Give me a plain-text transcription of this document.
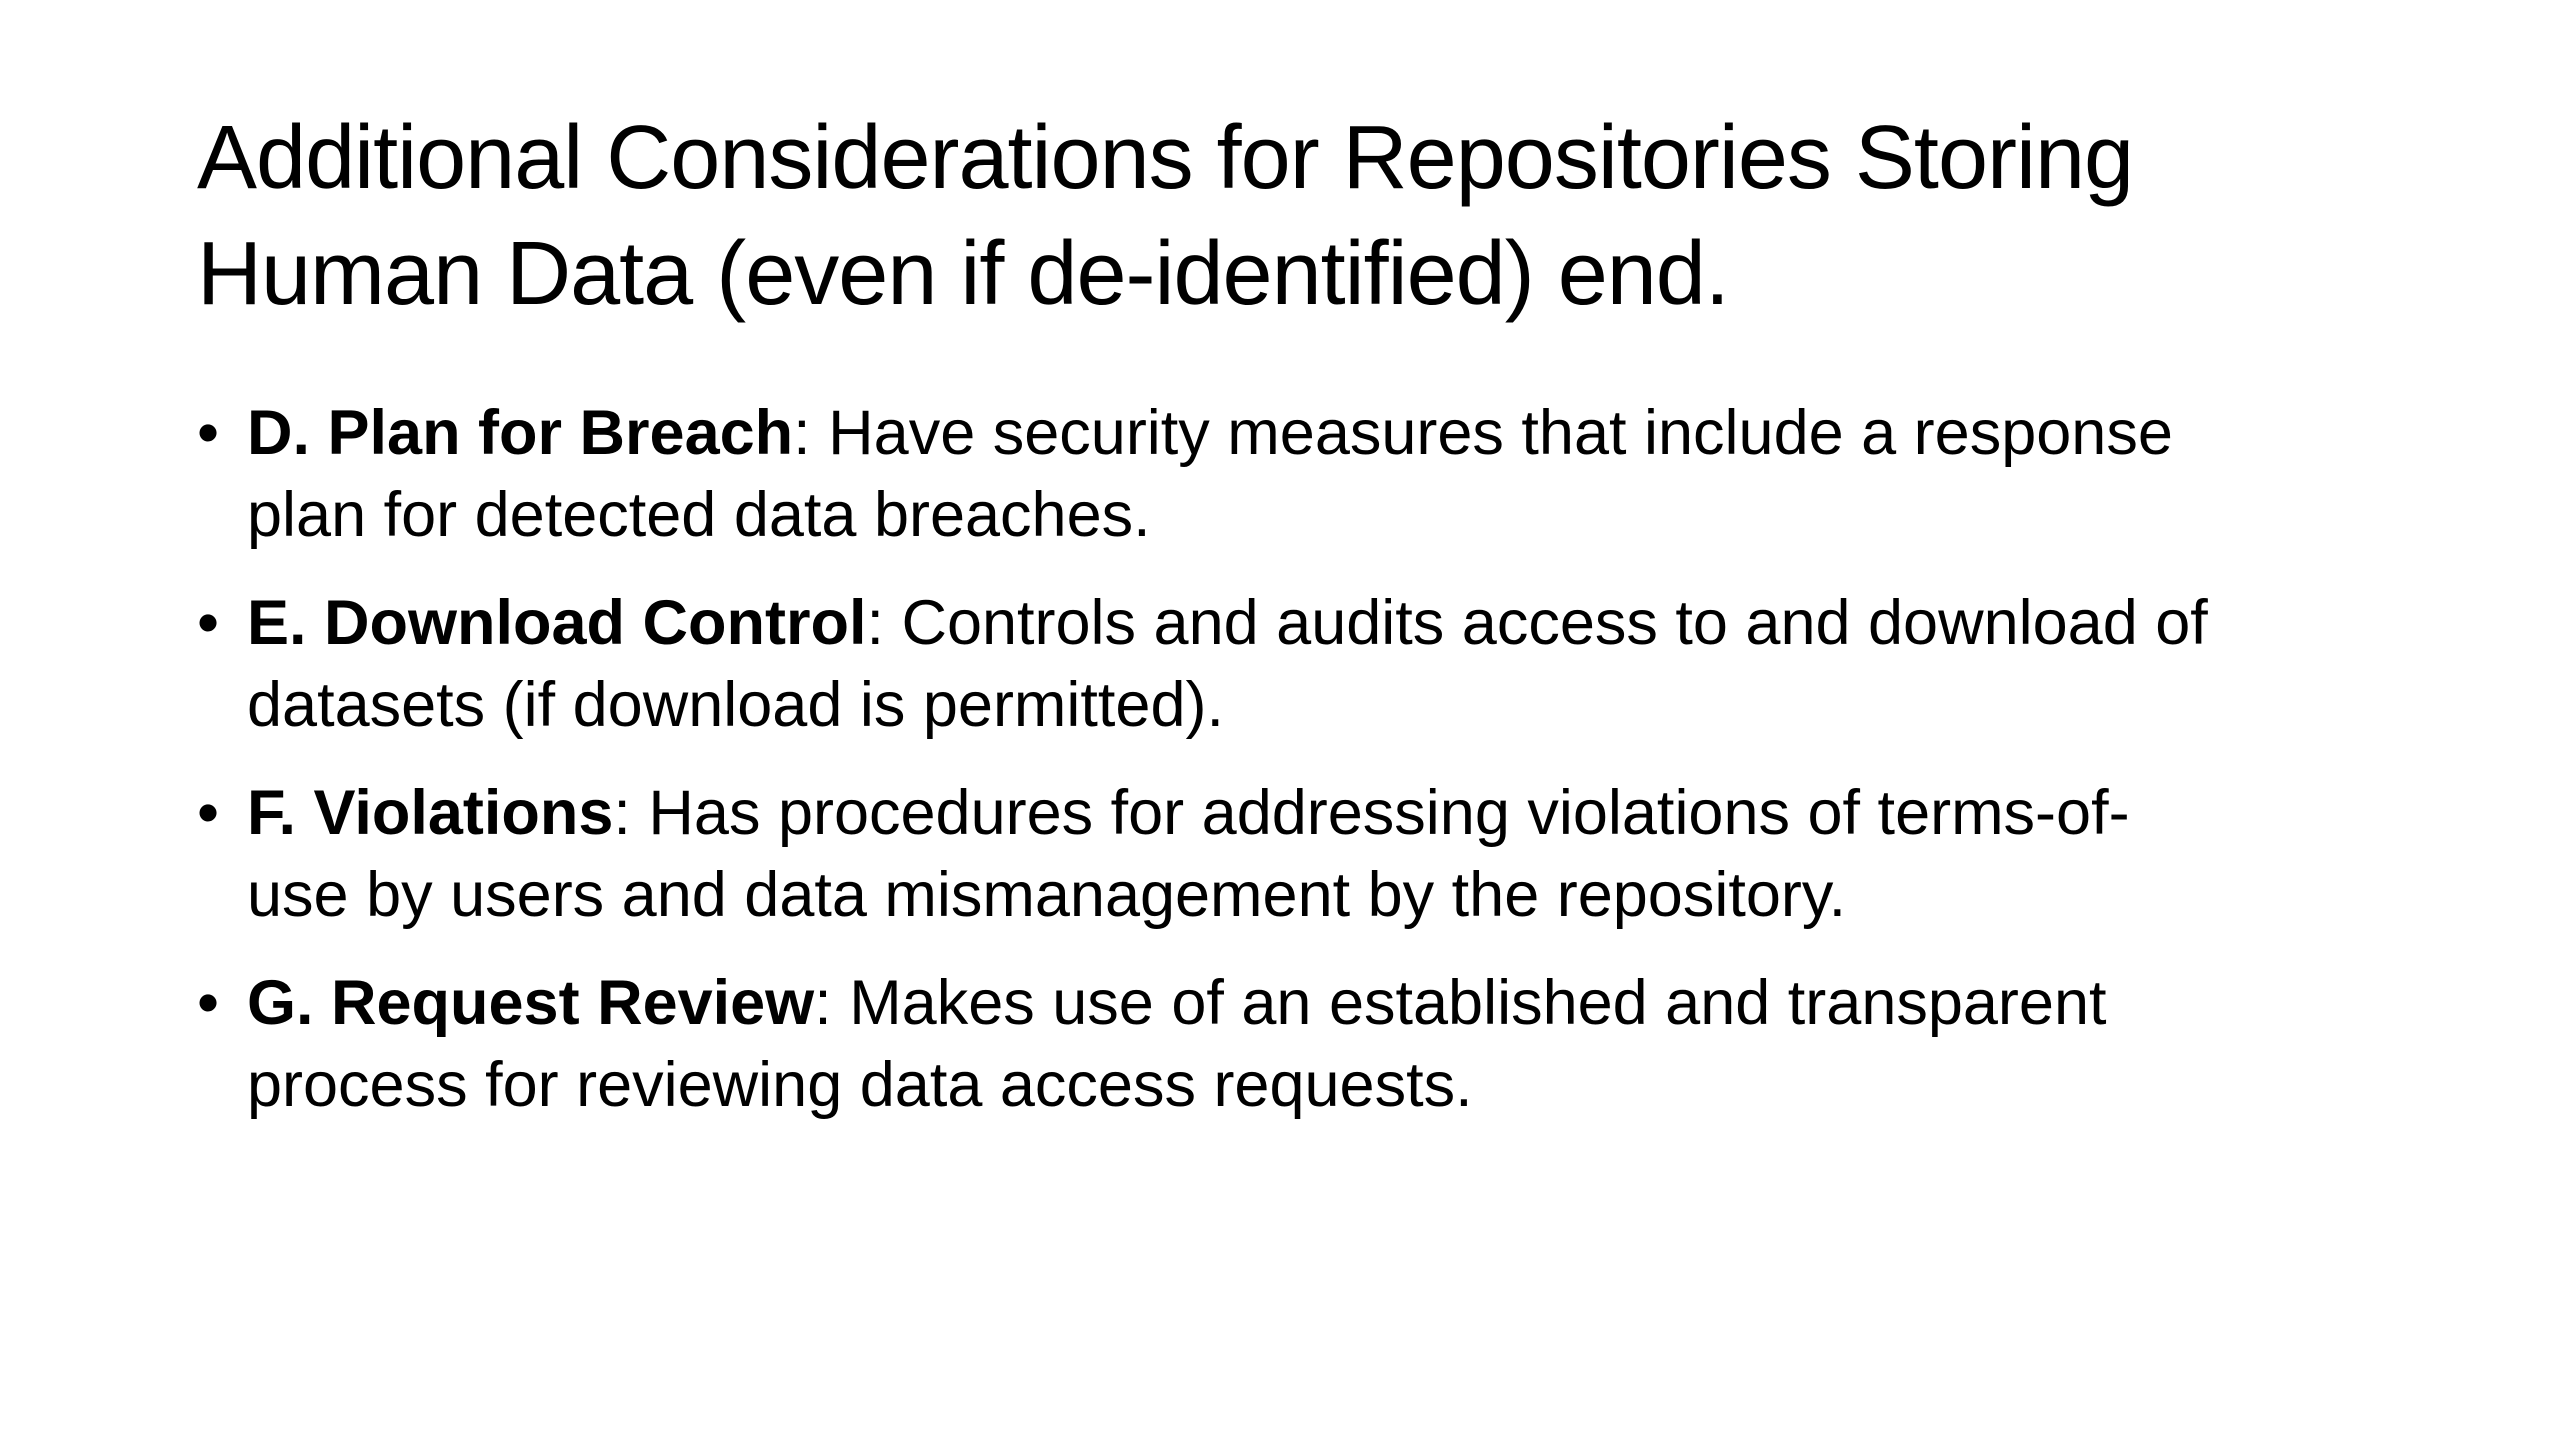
Additional Considerations for Repositories Storing
Human Data (even if de-identified) end.
• D. Plan for Breach: Have security measures that include a response
plan for detected data breaches.
• E. Download Control: Controls and audits access to and download of
datasets (if download is permitted).
• F. Violations: Has procedures for addressing violations of terms-of-
use by users and data mismanagement by the repository.
• G. Request Review: Makes use of an established and transparent
process for reviewing data access requests.
